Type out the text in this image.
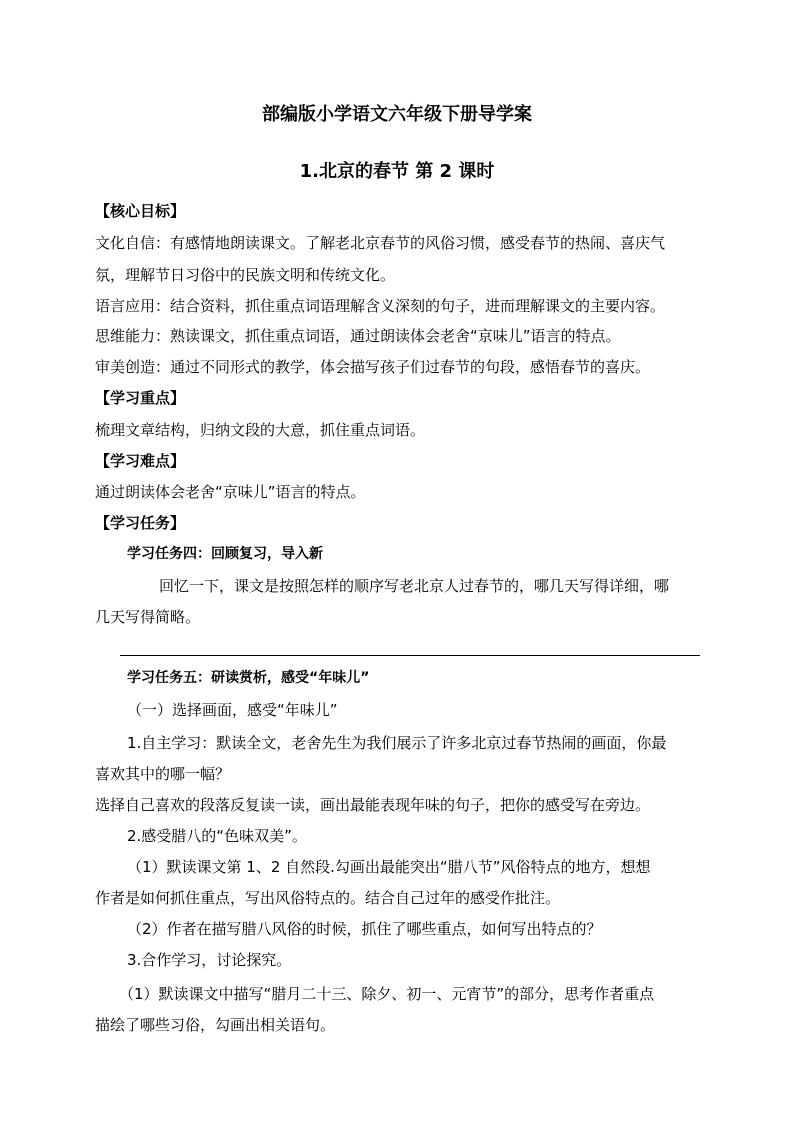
部编版小学语文六年级下册导学案
1.北京的春节 第 2 课时
【核心目标】
文化自信：有感情地朗读课文。了解老北京春节的风俗习惯，感受春节的热闹、喜庆气
氛，理解节日习俗中的民族文明和传统文化。
语言应用：结合资料，抓住重点词语理解含义深刻的句子，进而理解课文的主要内容。
思维能力：熟读课文，抓住重点词语，通过朗读体会老舍“京味儿”语言的特点。
审美创造：通过不同形式的教学，体会描写孩子们过春节的句段，感悟春节的喜庆。
【学习重点】
梳理文章结构，归纳文段的大意，抓住重点词语。
【学习难点】
通过朗读体会老舍“京味儿”语言的特点。
【学习任务】
学习任务四：回顾复习，导入新
回忆一下，课文是按照怎样的顺序写老北京人过春节的，哪几天写得详细，哪
几天写得简略。
学习任务五：研读赏析，感受“年味儿”
（一）选择画面，感受“年味儿”
1.自主学习：默读全文，老舍先生为我们展示了许多北京过春节热闹的画面，你最
喜欢其中的哪一幅？
选择自己喜欢的段落反复读一读，画出最能表现年味的句子，把你的感受写在旁边。
2.感受腊八的“色味双美”。
（1）默读课文第 1、2 自然段.勾画出最能突出“腊八节”风俗特点的地方，想想
作者是如何抓住重点，写出风俗特点的。结合自己过年的感受作批注。
（2）作者在描写腊八风俗的时候，抓住了哪些重点，如何写出特点的？
3.合作学习，讨论探究。
（1）默读课文中描写“腊月二十三、除夕、初一、元宵节”的部分，思考作者重点
描绘了哪些习俗，勾画出相关语句。
